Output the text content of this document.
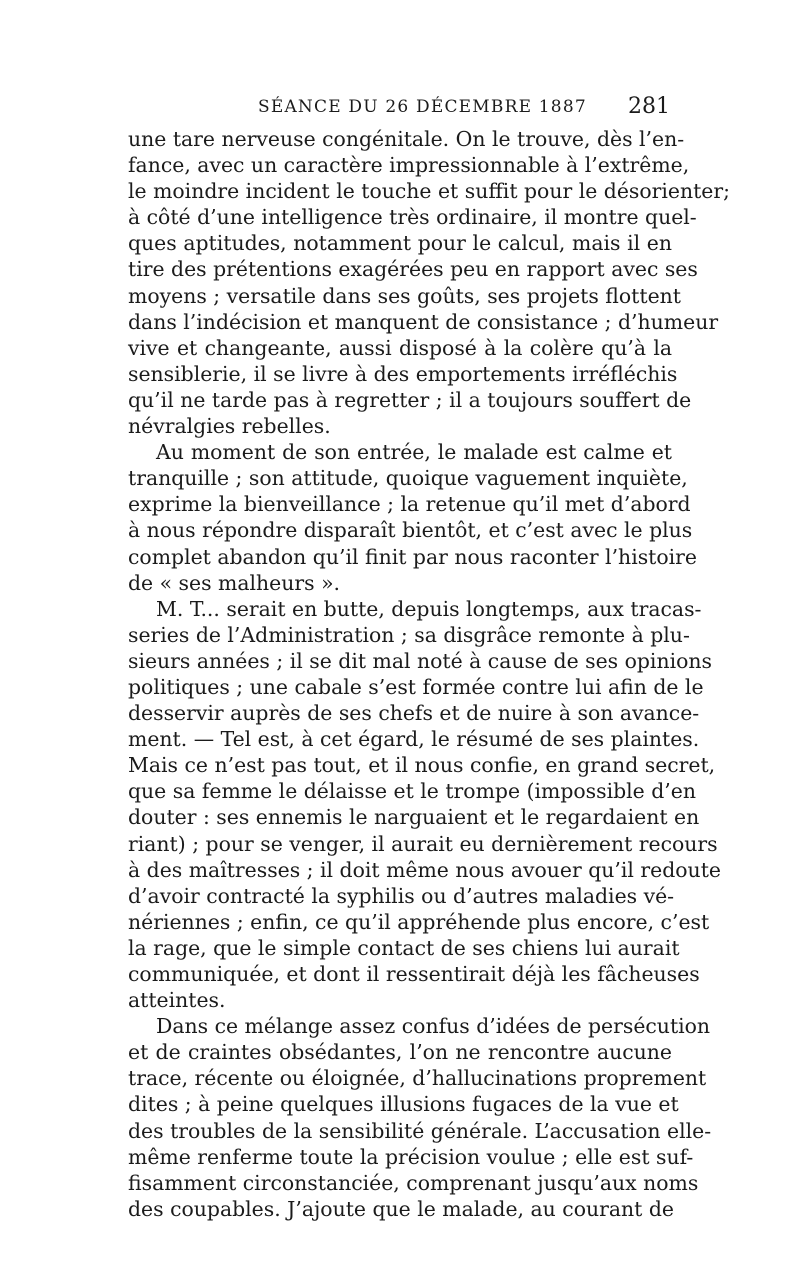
SÉANCE DU 26 DÉCEMBRE 1887 281
une tare nerveuse congénitale. On le trouve, dès l’en-
fance, avec un caractère impressionnable à l’extrême,
le moindre incident le touche et suffit pour le désorienter;
à côté d’une intelligence très ordinaire, il montre quel-
ques aptitudes, notamment pour le calcul, mais il en
tire des prétentions exagérées peu en rapport avec ses
moyens ; versatile dans ses goûts, ses projets flottent
dans l’indécision et manquent de consistance ; d’humeur
vive et changeante, aussi disposé à la colère qu’à la
sensiblerie, il se livre à des emportements irréfléchis
qu’il ne tarde pas à regretter ; il a toujours souffert de
névralgies rebelles.
Au moment de son entrée, le malade est calme et
tranquille ; son attitude, quoique vaguement inquiète,
exprime la bienveillance ; la retenue qu’il met d’abord
à nous répondre disparaît bientôt, et c’est avec le plus
complet abandon qu’il finit par nous raconter l’histoire
de « ses malheurs ».
M. T... serait en butte, depuis longtemps, aux tracas-
series de l’Administration ; sa disgrâce remonte à plu-
sieurs années ; il se dit mal noté à cause de ses opinions
politiques ; une cabale s’est formée contre lui afin de le
desservir auprès de ses chefs et de nuire à son avance-
ment. — Tel est, à cet égard, le résumé de ses plaintes.
Mais ce n’est pas tout, et il nous confie, en grand secret,
que sa femme le délaisse et le trompe (impossible d’en
douter : ses ennemis le narguaient et le regardaient en
riant) ; pour se venger, il aurait eu dernièrement recours
à des maîtresses ; il doit même nous avouer qu’il redoute
d’avoir contracté la syphilis ou d’autres maladies vé-
nériennes ; enfin, ce qu’il appréhende plus encore, c’est
la rage, que le simple contact de ses chiens lui aurait
communiquée, et dont il ressentirait déjà les fâcheuses
atteintes.
Dans ce mélange assez confus d’idées de persécution
et de craintes obsédantes, l’on ne rencontre aucune
trace, récente ou éloignée, d’hallucinations proprement
dites ; à peine quelques illusions fugaces de la vue et
des troubles de la sensibilité générale. L’accusation elle-
même renferme toute la précision voulue ; elle est suf-
fisamment circonstanciée, comprenant jusqu’aux noms
des coupables. J’ajoute que le malade, au courant de
